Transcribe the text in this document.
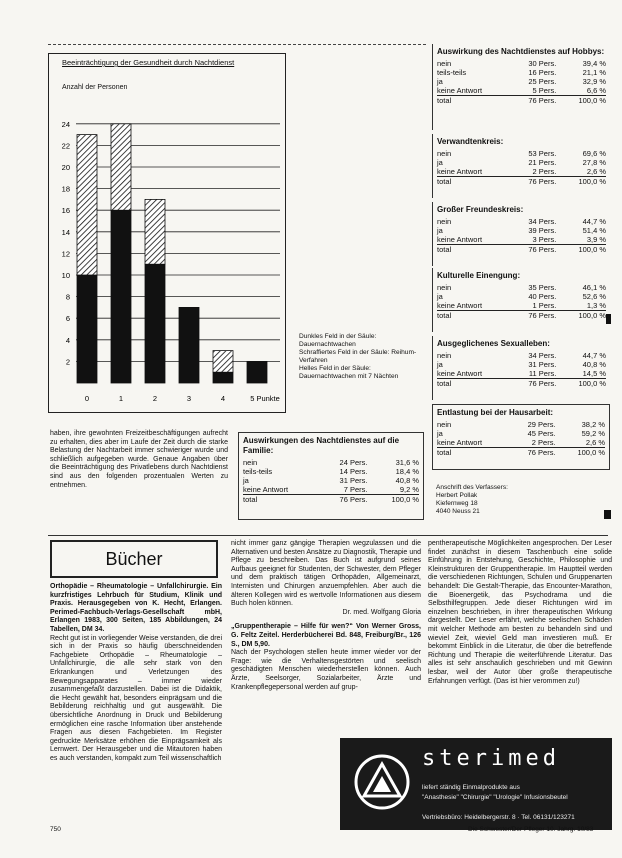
Beeinträchtigung der Gesundheit durch Nachtdienst
Anzahl der Personen
2
4
6
8
10
12
14
16
18
20
22
24
0	1	2	3	4	5 Punkte
Dunkles Feld in der Säule: Dauernachtwachen
Schraffiertes Feld in der Säule: Reihum-Verfahren
Helles Feld in der Säule: Dauernachtwachen mit 7 Nächten
Auswirkung des Nachtdienstes auf Hobbys:
nein	30 Pers.	39,4 %
teils-teils	16 Pers.	21,1 %
ja	25 Pers.	32,9 %
keine Antwort	5 Pers.	6,6 %
total	76 Pers.	100,0 %
Verwandtenkreis:
nein	53 Pers.	69,6 %
ja	21 Pers.	27,8 %
keine Antwort	2 Pers.	2,6 %
total	76 Pers.	100,0 %
Großer Freundeskreis:
nein	34 Pers.	44,7 %
ja	39 Pers.	51,4 %
keine Antwort	3 Pers.	3,9 %
total	76 Pers.	100,0 %
Kulturelle Einengung:
nein	35 Pers.	46,1 %
ja	40 Pers.	52,6 %
keine Antwort	1 Pers.	1,3 %
total	76 Pers.	100,0 %
Ausgeglichenes Sexualleben:
nein	34 Pers.	44,7 %
ja	31 Pers.	40,8 %
keine Antwort	11 Pers.	14,5 %
total	76 Pers.	100,0 %
Entlastung bei der Hausarbeit:
nein	29 Pers.	38,2 %
ja	45 Pers.	59,2 %
keine Antwort	2 Pers.	2,6 %
total	76 Pers.	100,0 %
Auswirkungen des Nachtdienstes auf die Familie:
nein	24 Pers.	31,6 %
teils-teils	14 Pers.	18,4 %
ja	31 Pers.	40,8 %
keine Antwort	7 Pers.	9,2 %
total	76 Pers.	100,0 %
Anschrift des Verfassers:
Herbert Pollak
Kiefernweg 18
4040 Neuss 21
haben, ihre gewohnten Freizeitbeschäftigungen aufrecht zu erhalten, dies aber im Laufe der Zeit durch die starke Belastung der Nachtarbeit immer schwieriger wurde und schließlich aufgegeben wurde. Genaue Angaben über die Beeinträchtigung des Privatlebens durch Nachtdienst sind aus den folgenden prozentualen Werten zu entnehmen.
Bücher
Orthopädie – Rheumatologie – Unfallchirurgie. Ein kurzfristiges Lehrbuch für Studium, Klinik und Praxis. Herausgegeben von K. Hecht, Erlangen. Perimed-Fachbuch-Verlags-Gesellschaft mbH, Erlangen 1983, 300 Seiten, 185 Abbildungen, 24 Tabellen, DM 34.
Recht gut ist in vorliegender Weise verstanden, die drei sich in der Praxis so häufig überschneidenden Fachgebiete Orthopädie – Rheumatologie – Unfallchirurgie, die alle sehr stark von den Erkrankungen und Verletzungen des Bewegungsapparates – immer wieder zusammengefaßt darzustellen. Dabei ist die Didaktik, die Hecht gewählt hat, besonders einprägsam und die Bebilderung reichhaltig und gut ausgewählt. Die übersichtliche Anordnung in Druck und Bebilderung ermöglichen eine rasche Information über anstehende Fragen aus diesen Fachgebieten. Im Register gedruckte Merksätze erhöhen die Einprägsamkeit als Lernwert. Der Herausgeber und die Mitautoren haben es auch verstanden, kompakt zum Teil wissenschaftlich
nicht immer ganz gängige Therapien wegzulassen und die Alternativen und besten Ansätze zu Diagnostik, Therapie und Pflege zu beschreiben. Das Buch ist aufgrund seines Aufbaus geeignet für Studenten, der Schwester, dem Pfleger und dem praktisch tätigen Orthopäden, Allgemeinarzt, Internisten und Chirurgen anzuempfehlen. Aber auch die älteren Kollegen wird es wertvolle Informationen aus diesem Buch holen können.
Dr. med. Wolfgang Gloria
„Gruppentherapie – Hilfe für wen?“ Von Werner Gross, G. Feltz Zeitel. Herderbücherei Bd. 848, Freiburg/Br., 126 S., DM 5,90.
Nach der Psychologen stellen heute immer wieder vor der Frage: wie die Verhaltensgestörten und seelisch geschädigten Menschen wiederherstellen können. Auch Ärzte, Seelsorger, Sozialarbeiter, Ärzte und Krankenpflegepersonal werden auf grup-
pentherapeutische Möglichkeiten angesprochen. Der Leser findet zunächst in diesem Taschenbuch eine solide Einführung in Entstehung, Geschichte, Philosophie und Kleinstrukturen der Gruppentherapie. Im Hauptteil werden die verschiedenen Richtungen, Schulen und Gruppenarten behandelt: Die Gestalt-Therapie, das Encounter-Marathon, die Bioenergetik, das Psychodrama und die Selbsthilfegruppen. Jede dieser Richtungen wird im einzelnen beschrieben, in ihrer therapeutischen Wirkung dargestellt. Der Leser erfährt, welche seelischen Schäden mit welcher Methode am besten zu behandeln sind und wieviel Zeit, wieviel Geld man investieren muß. Er bekommt Einblick in die Literatur, die über die betreffende Richtung und Therapie die weiterführende Literatur. Das alles ist sehr anschaulich geschrieben und mit Gewinn lesbar, weil der Autor über große therapeutische Erfahrungen verfügt. (Das ist hier verommen zu!)
sterimed
liefert ständig Einmalprodukte aus
"Anasthesie" "Chirurgie" "Urologie" Infusionsbeutel
Vertriebsbüro: Heidelbergerstr. 8 · Tel. 06131/123271
750	Die Schwester/Der Pfleger 10. Jahrg. 10/83
